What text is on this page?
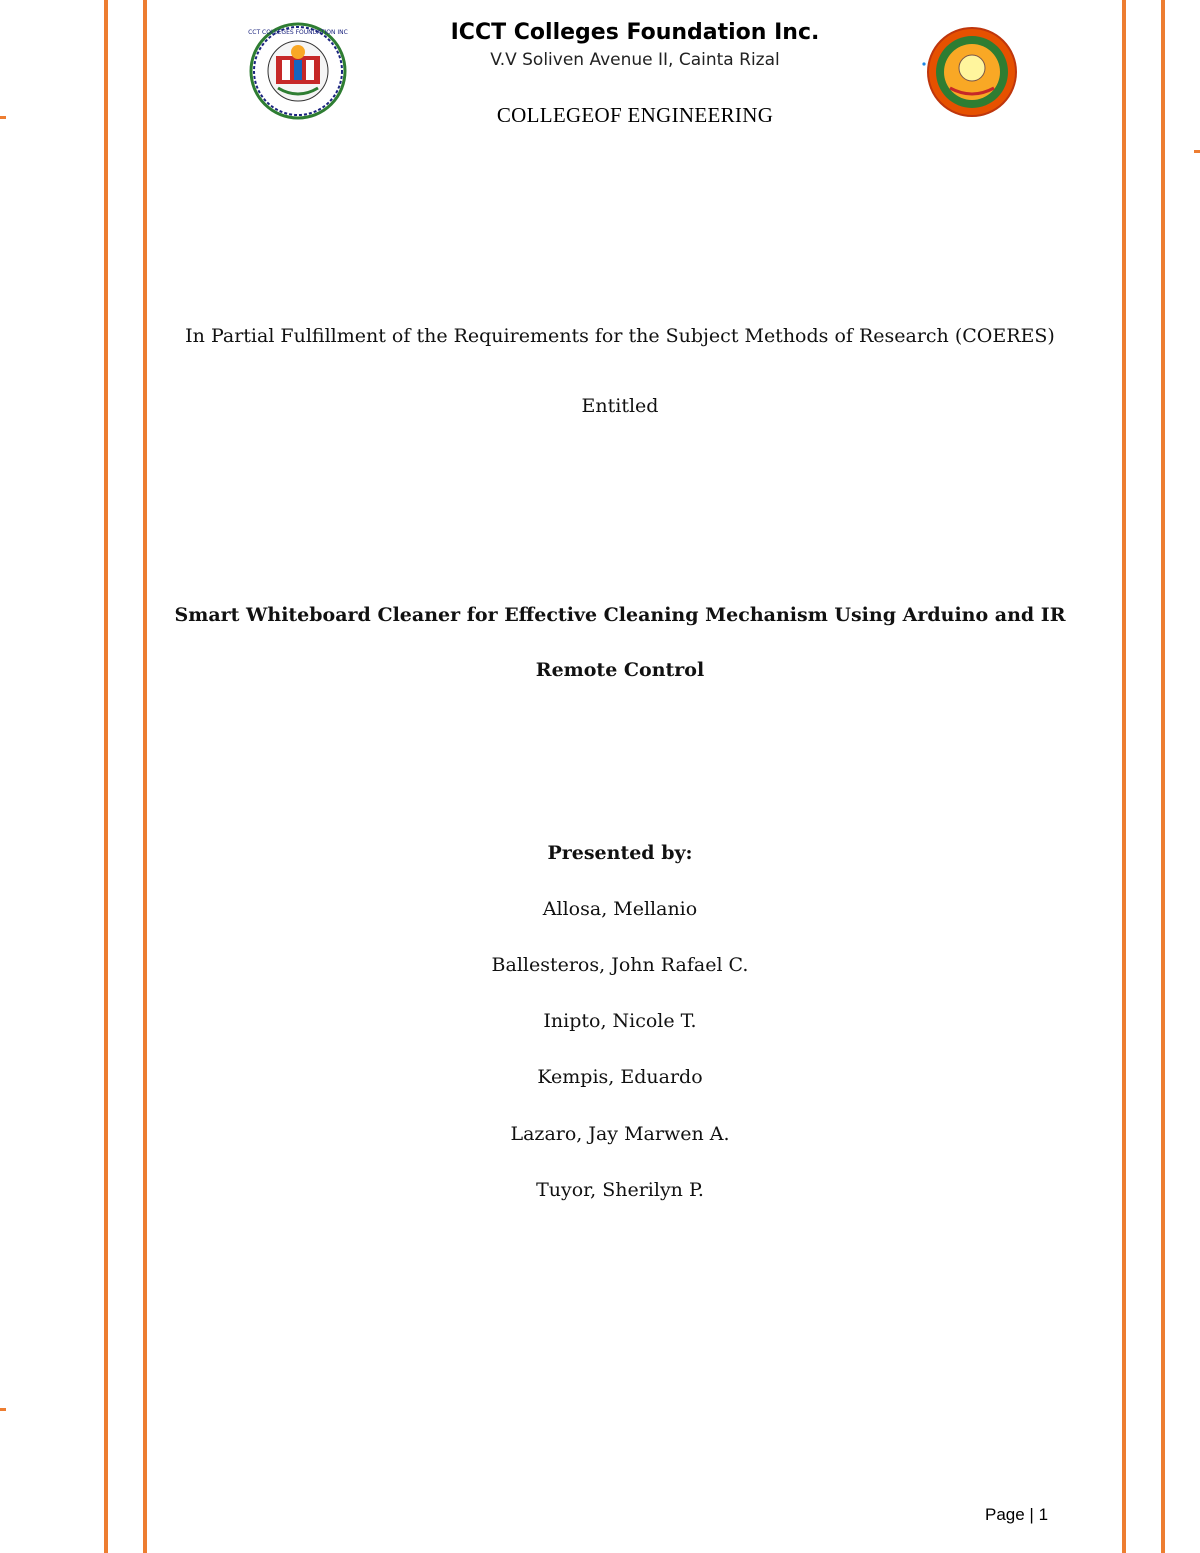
ICCT COLLEGES FOUNDATION INC.	ICCT Colleges Foundation Inc.
V.V Soliven Avenue II, Cainta Rizal
COLLEGEOF ENGINEERING
In Partial Fulfillment of the Requirements for the Subject Methods of Research (COERES)
Entitled
Smart Whiteboard Cleaner for Effective Cleaning Mechanism Using Arduino and IR
Remote Control
Presented by:
Allosa, Mellanio
Ballesteros, John Rafael C.
Inipto, Nicole T.
Kempis, Eduardo
Lazaro, Jay Marwen A.
Tuyor, Sherilyn P.
Page | 1
